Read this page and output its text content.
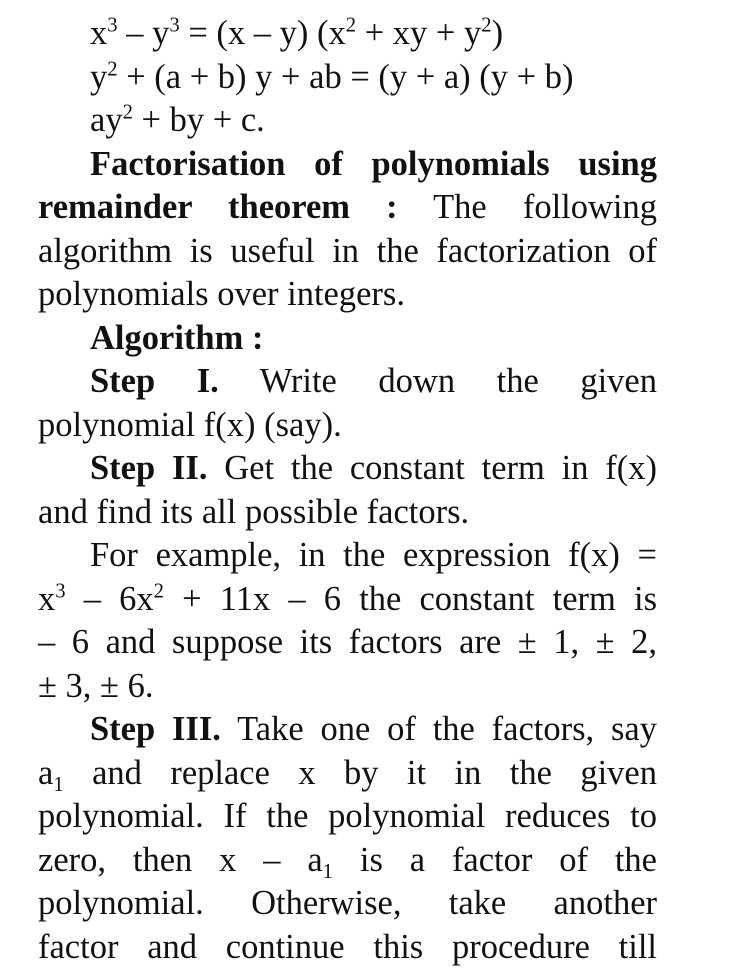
$x^3 - y^3 = (x - y) (x^2$ + xy + $y^2$)
$y^2 + (a + b) y$ + ab = (y + a) (y + b)
$ay^2$ + by + c.
Factorisation of polynomials using
remainder theorem : The following
algorithm is useful in the factorization of
polynomials over integers.
Algorithm :
Step I. Write down the given
polynomial f(x) (say).
Step II. Get the constant term in f(x)
and find its all possible factors.
For example, in the expression f(x) =
$x^3 - 6x^2 + 11x - 6$ the constant term is
– 6 and suppose its factors are ± 1, ± 2,
± 3, ± 6.
Step III. Take one of the factors, say
$a_1$ and replace x by it in the given
polynomial. If the polynomial reduces to
zero, then x – $a_1$ is a factor of the
polynomial. Otherwise, take another
factor and continue this procedure till
